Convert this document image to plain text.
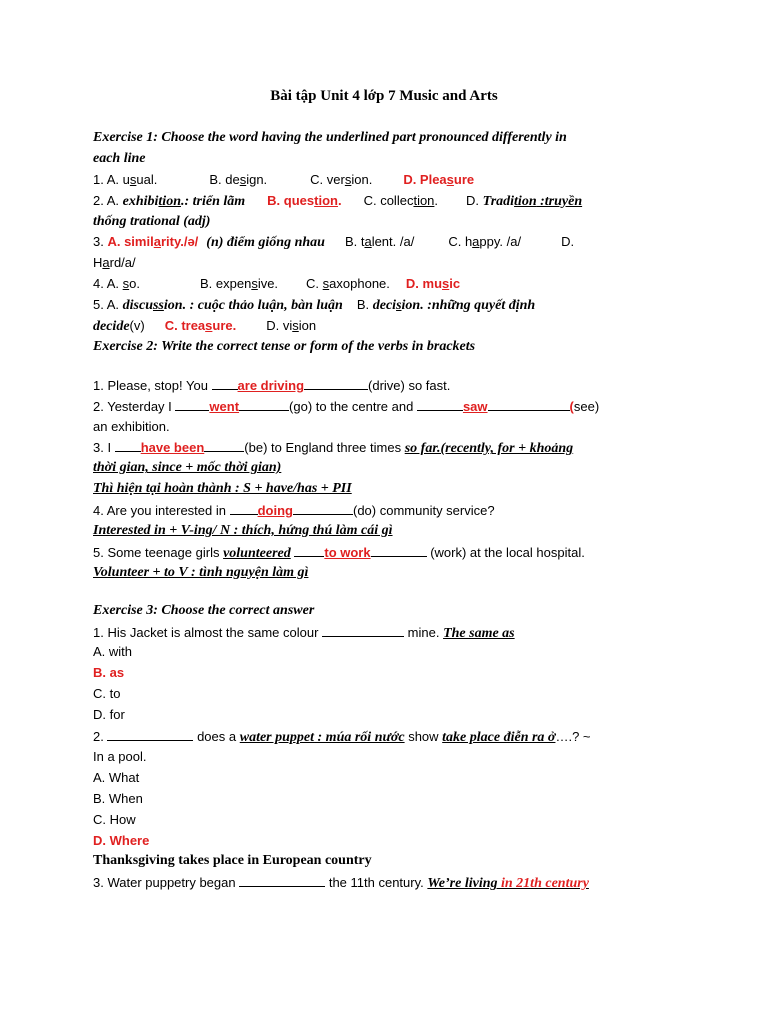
Bài tập Unit 4 lớp 7 Music and Arts
Exercise 1: Choose the word having the underlined part pronounced differently in
each line
1. A. usual.	B. design.	C. version. D. Pleasure
2. A. exhibition.: triển lãm B. question. C. collection. D. Tradition :truyền
thống trational (adj)
3. A. similarity./ə/ (n) điểm giống nhau B. talent. /a/	C. happy. /a/	D.
Hard/a/
4. A. so.	B. expensive. C. saxophone. D. music
5. A. discussion. : cuộc thảo luận, bàn luận B. decision. :những quyết định
decide(v) C. treasure. D. vision
Exercise 2: Write the correct tense or form of the verbs in brackets
1. Please, stop! You are driving	(drive) so fast.
2. Yesterday I	went	(go) to the centre and	saw	(see)
an exhibition.
3. I have been	(be) to England three times so far.(recently, for + khoảng
thời gian, since + mốc thời gian)
Thì hiện tại hoàn thành : S + have/has + PII
4. Are you interested in doing	(do) community service?
Interested in + V-ing/ N : thích, hứng thú làm cái gì
5. Some teenage girls volunteered	to work	(work) at the local hospital.
Volunteer + to V : tình nguyện làm gì
Exercise 3: Choose the correct answer
1. His Jacket is almost the same colour	mine. The same as
A. with
B. as
C. to
D. for
2.	does a water puppet : múa rối nước show take place điễn ra ở….? ~
In a pool.
A. What
B. When
C. How
D. Where
Thanksgiving takes place in European country
3. Water puppetry began	the 11th century. We’re living in 21th century
